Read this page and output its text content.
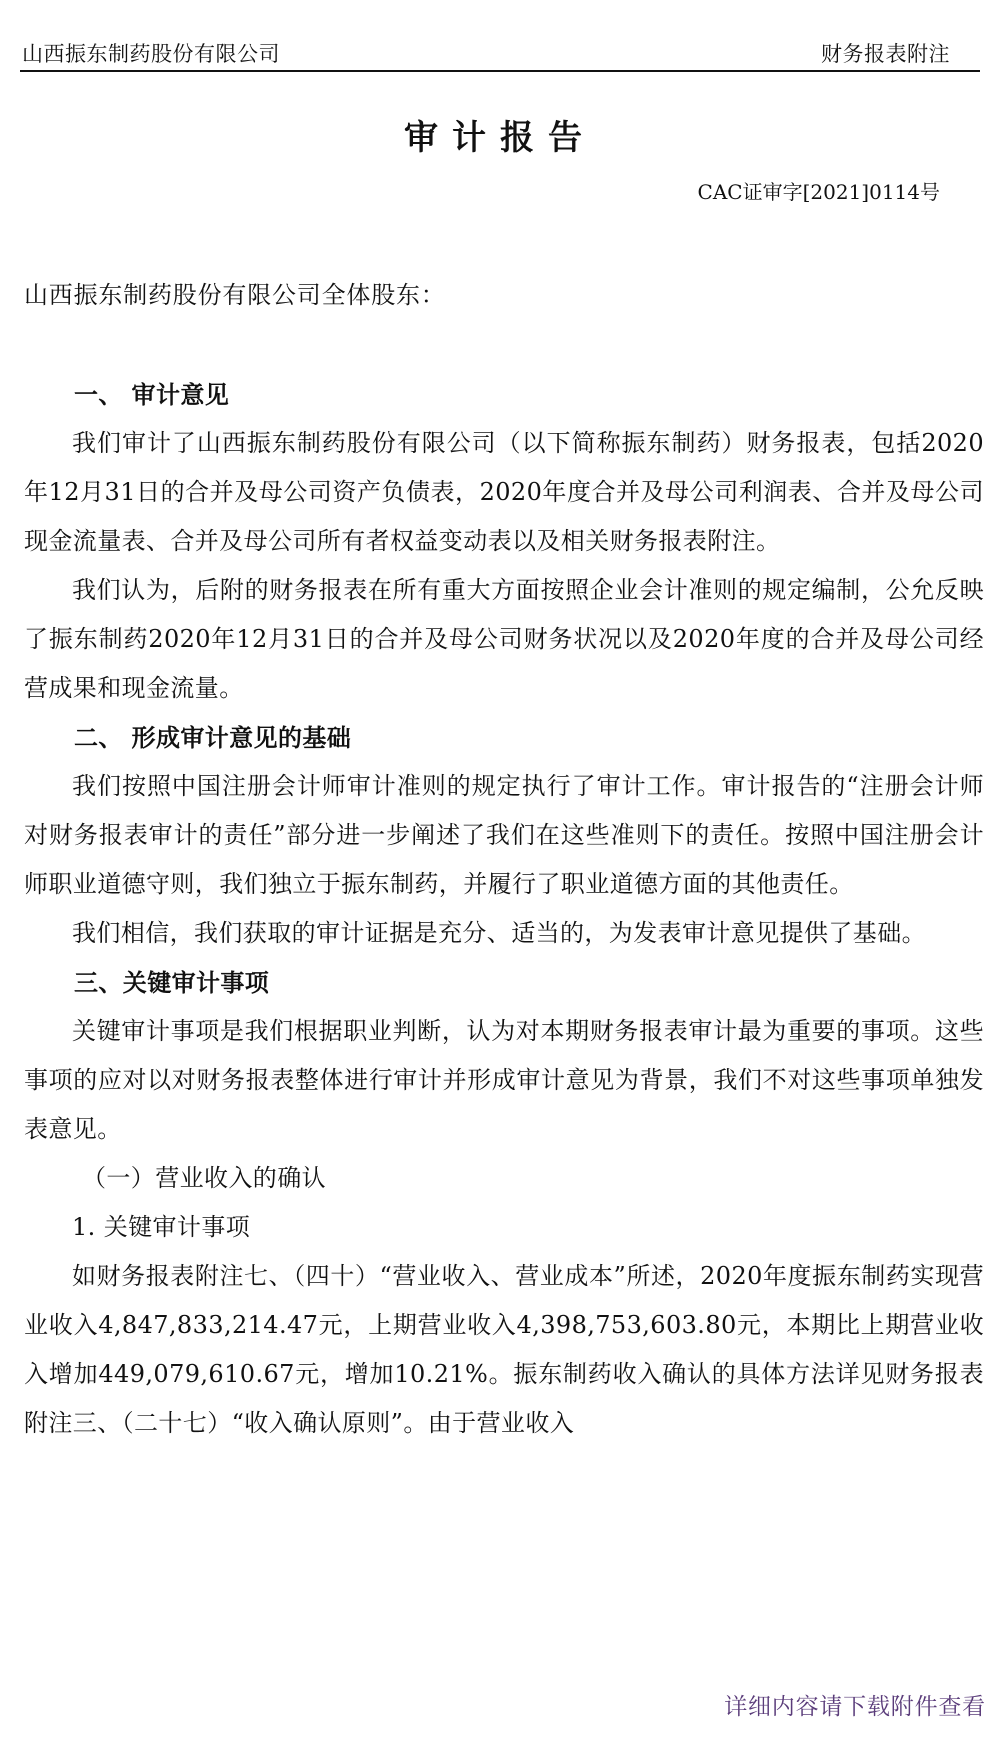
山西振东制药股份有限公司	财务报表附注
审计报告
CAC证审字[2021]0114号
山西振东制药股份有限公司全体股东：
一、 审计意见

我们审计了山西振东制药股份有限公司（以下简称振东制药）财务报表，包括2020年12月31日的合并及母公司资产负债表，2020年度合并及母公司利润表、合并及母公司现金流量表、合并及母公司所有者权益变动表以及相关财务报表附注。

我们认为，后附的财务报表在所有重大方面按照企业会计准则的规定编制，公允反映了振东制药2020年12月31日的合并及母公司财务状况以及2020年度的合并及母公司经营成果和现金流量。

二、 形成审计意见的基础

我们按照中国注册会计师审计准则的规定执行了审计工作。审计报告的“注册会计师对财务报表审计的责任”部分进一步阐述了我们在这些准则下的责任。按照中国注册会计师职业道德守则，我们独立于振东制药，并履行了职业道德方面的其他责任。

我们相信，我们获取的审计证据是充分、适当的，为发表审计意见提供了基础。

三、关键审计事项

关键审计事项是我们根据职业判断，认为对本期财务报表审计最为重要的事项。这些事项的应对以对财务报表整体进行审计并形成审计意见为背景，我们不对这些事项单独发表意见。

（一）营业收入的确认

1. 关键审计事项

如财务报表附注七、（四十）“营业收入、营业成本”所述，2020年度振东制药实现营业收入4,847,833,214.47元，上期营业收入4,398,753,603.80元，本期比上期营业收入增加449,079,610.67元，增加10.21%。振东制药收入确认的具体方法详见财务报表附注三、（二十七）“收入确认原则”。由于营业收入

详细内容请下载附件查看
